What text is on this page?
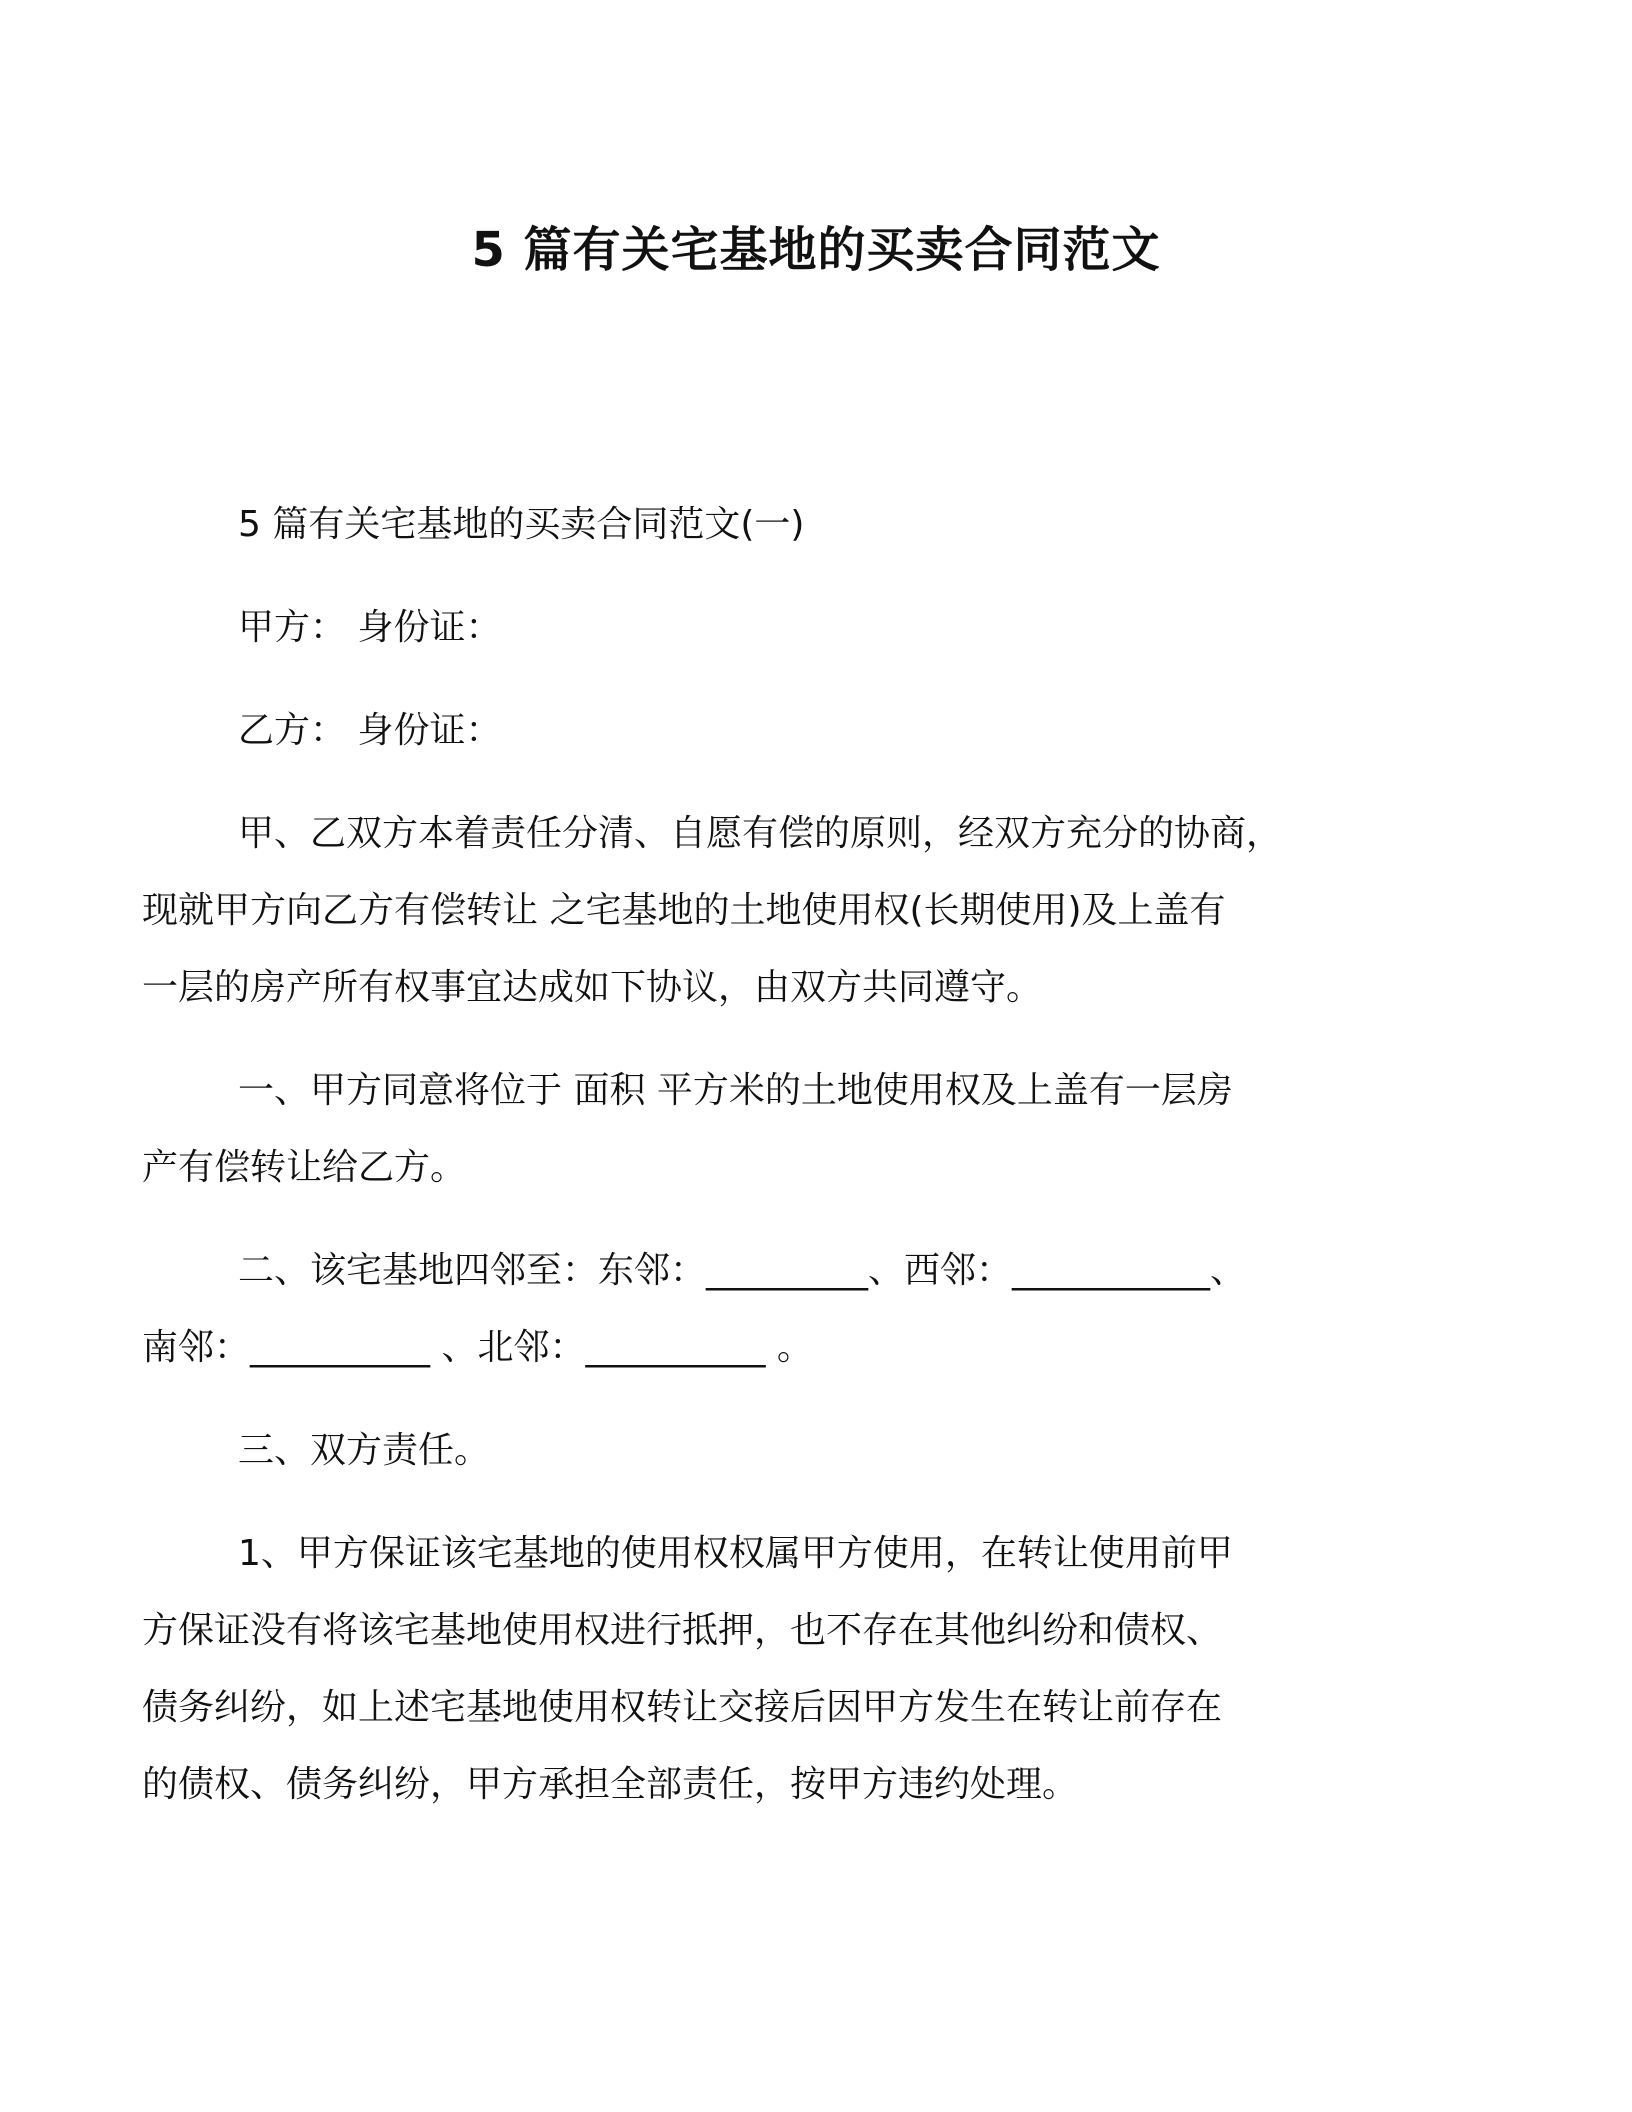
5 篇有关宅基地的买卖合同范文

5 篇有关宅基地的买卖合同范文(一)

甲方： 身份证：

乙方： 身份证：

甲、乙双方本着责任分清、自愿有偿的原则，经双方充分的协商，
现就甲方向乙方有偿转让 之宅基地的土地使用权(长期使用)及上盖有
一层的房产所有权事宜达成如下协议，由双方共同遵守。

一、甲方同意将位于 面积 平方米的土地使用权及上盖有一层房
产有偿转让给乙方。

二、该宅基地四邻至：东邻：_________、西邻：___________、
南邻：__________ 、北邻：__________ 。

三、双方责任。

1、甲方保证该宅基地的使用权权属甲方使用，在转让使用前甲
方保证没有将该宅基地使用权进行抵押，也不存在其他纠纷和债权、
债务纠纷，如上述宅基地使用权转让交接后因甲方发生在转让前存在
的债权、债务纠纷，甲方承担全部责任，按甲方违约处理。
